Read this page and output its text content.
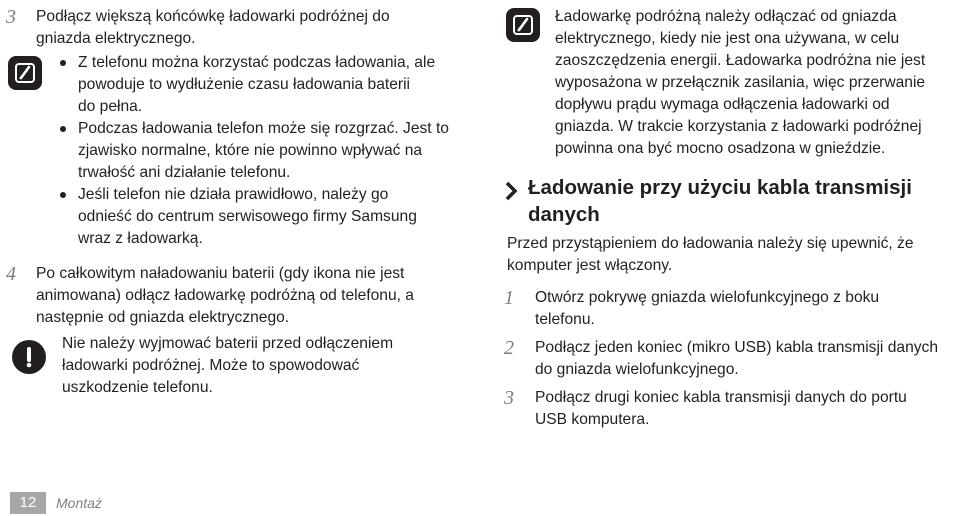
3	Podłącz większą końcówkę ładowarki podróżnej do

gniazda elektrycznego.

Z telefonu można korzystać podczas ładowania, ale

powoduje to wydłużenie czasu ładowania baterii

do pełna.

Podczas ładowania telefon może się rozgrzać. Jest to

zjawisko normalne, które nie powinno wpływać na

trwałość ani działanie telefonu.

Jeśli telefon nie działa prawidłowo, należy go

odnieść do centrum serwisowego firmy Samsung

wraz z ładowarką.

4	Po całkowitym naładowaniu baterii (gdy ikona nie jest

animowana) odłącz ładowarkę podróżną od telefonu, a

następnie od gniazda elektrycznego.

Nie należy wyjmować baterii przed odłączeniem

ładowarki podróżnej. Może to spowodować

uszkodzenie telefonu.

Ładowarkę podróżną należy odłączać od gniazda

elektrycznego, kiedy nie jest ona używana, w celu

zaoszczędzenia energii. Ładowarka podróżna nie jest

wyposażona w przełącznik zasilania, więc przerwanie

dopływu prądu wymaga odłączenia ładowarki od

gniazda. W trakcie korzystania z ładowarki podróżnej

powinna ona być mocno osadzona w gnieździe.

Ładowanie przy użyciu kabla transmisji
danych

Przed przystąpieniem do ładowania należy się upewnić, że

komputer jest włączony.

1	Otwórz pokrywę gniazda wielofunkcyjnego z boku

telefonu.

2	Podłącz jeden koniec (mikro USB) kabla transmisji danych

do gniazda wielofunkcyjnego.

3	Podłącz drugi koniec kabla transmisji danych do portu

USB komputera.

12	Montaż
